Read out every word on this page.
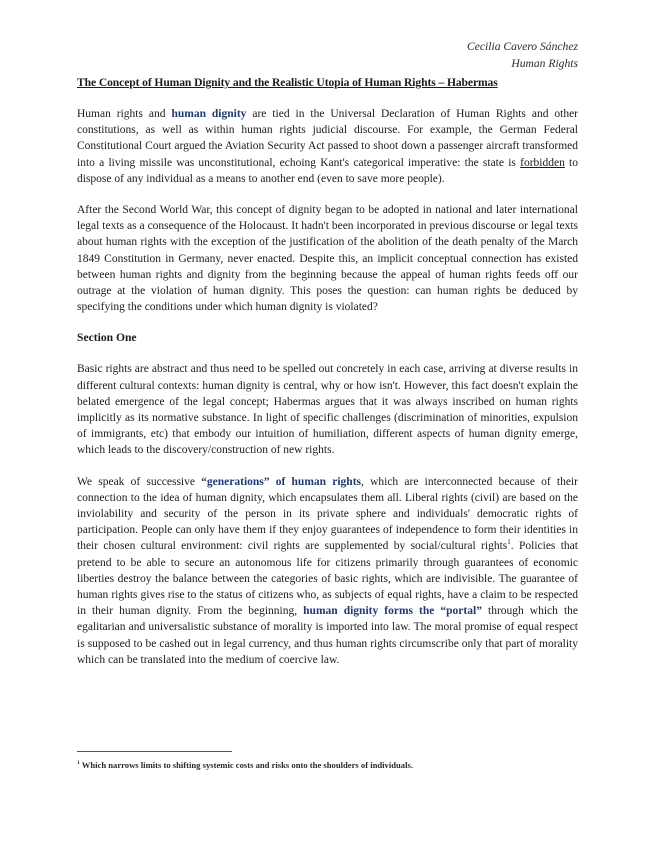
Cecilia Cavero Sánchez
Human Rights
The Concept of Human Dignity and the Realistic Utopia of Human Rights – Habermas

Human rights and human dignity are tied in the Universal Declaration of Human Rights and other constitutions, as well as within human rights judicial discourse. For example, the German Federal Constitutional Court argued the Aviation Security Act passed to shoot down a passenger aircraft transformed into a living missile was unconstitutional, echoing Kant's categorical imperative: the state is forbidden to dispose of any individual as a means to another end (even to save more people).

After the Second World War, this concept of dignity began to be adopted in national and later international legal texts as a consequence of the Holocaust. It hadn't been incorporated in previous discourse or legal texts about human rights with the exception of the justification of the abolition of the death penalty of the March 1849 Constitution in Germany, never enacted. Despite this, an implicit conceptual connection has existed between human rights and dignity from the beginning because the appeal of human rights feeds off our outrage at the violation of human dignity. This poses the question: can human rights be deduced by specifying the conditions under which human dignity is violated?

Section One

Basic rights are abstract and thus need to be spelled out concretely in each case, arriving at diverse results in different cultural contexts: human dignity is central, why or how isn't. However, this fact doesn't explain the belated emergence of the legal concept; Habermas argues that it was always inscribed on human rights implicitly as its normative substance. In light of specific challenges (discrimination of minorities, expulsion of immigrants, etc) that embody our intuition of humiliation, different aspects of human dignity emerge, which leads to the discovery/construction of new rights.

We speak of successive “generations” of human rights, which are interconnected because of their connection to the idea of human dignity, which encapsulates them all. Liberal rights (civil) are based on the inviolability and security of the person in its private sphere and individuals' democratic rights of participation. People can only have them if they enjoy guarantees of independence to form their identities in their chosen cultural environment: civil rights are supplemented by social/cultural rights$^1$. Policies that pretend to be able to secure an autonomous life for citizens primarily through guarantees of economic liberties destroy the balance between the categories of basic rights, which are indivisible. The guarantee of human rights gives rise to the status of citizens who, as subjects of equal rights, have a claim to be respected in their human dignity. From the beginning, human dignity forms the “portal” through which the egalitarian and universalistic substance of morality is imported into law. The moral promise of equal respect is supposed to be cashed out in legal currency, and thus human rights circumscribe only that part of morality which can be translated into the medium of coercive law.

$^1$ Which narrows limits to shifting systemic costs and risks onto the shoulders of individuals.
